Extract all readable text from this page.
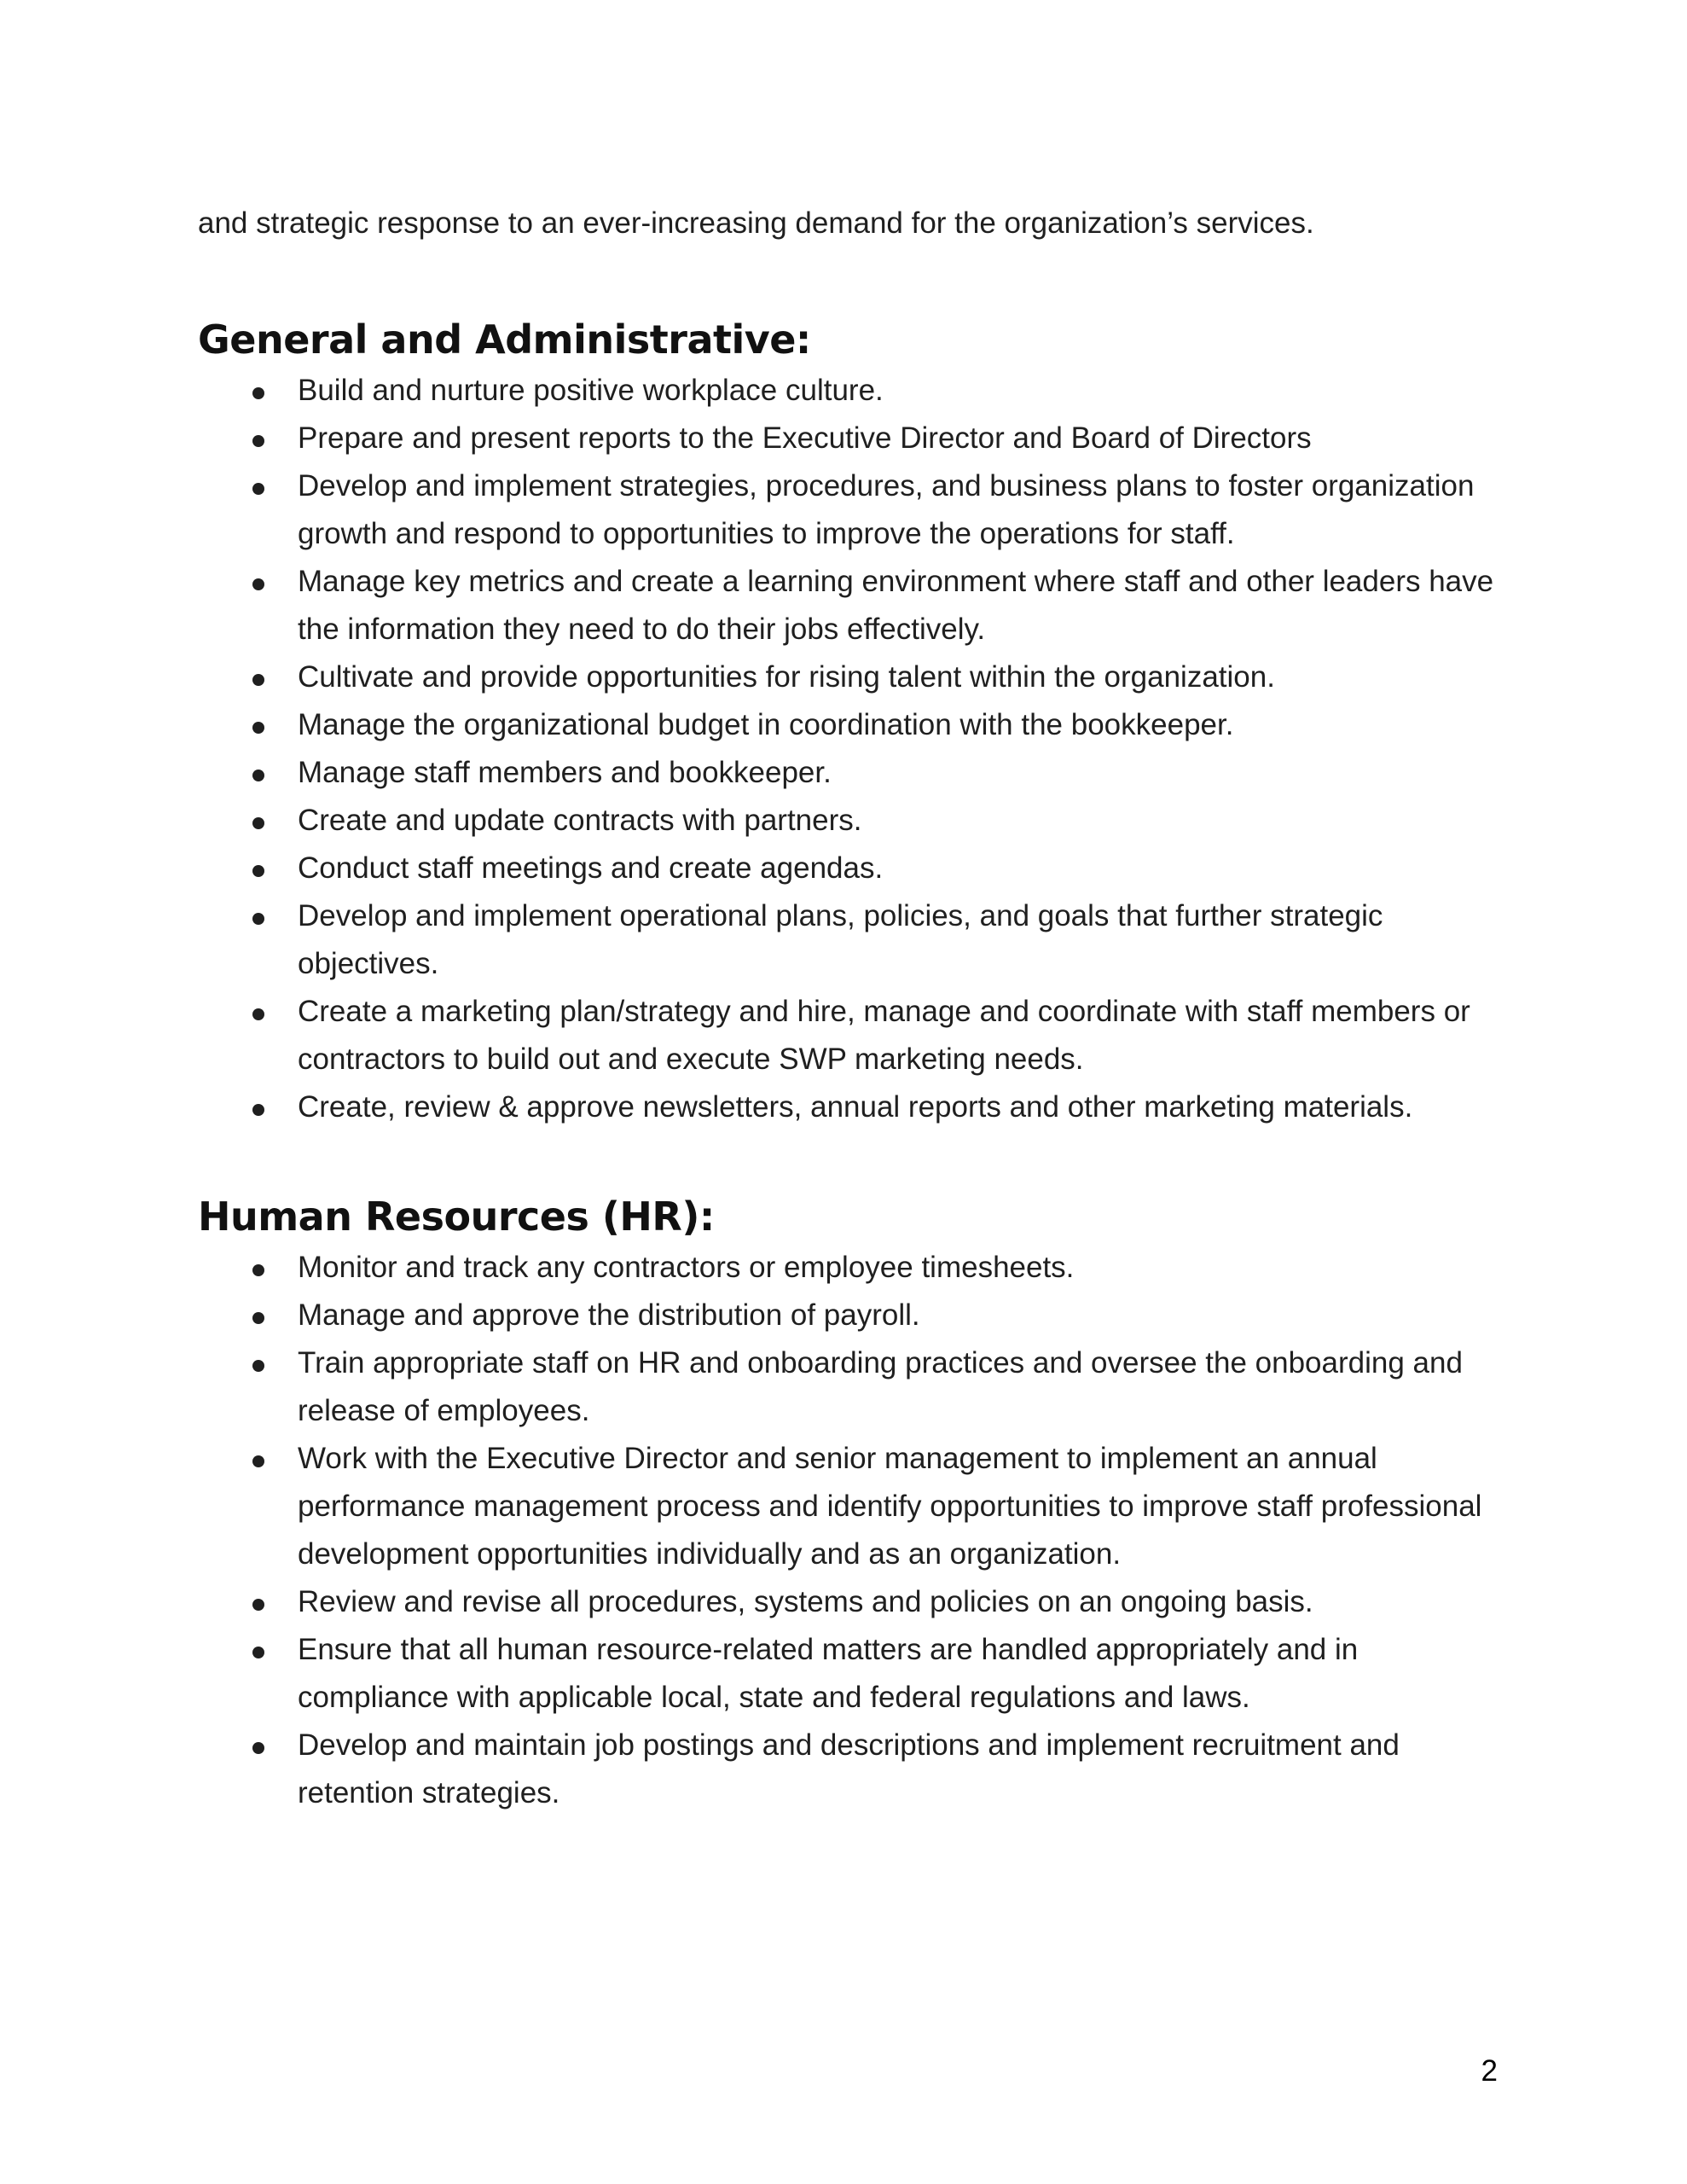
and strategic response to an ever-increasing demand for the organization’s services.

General and Administrative:
Build and nurture positive workplace culture.
Prepare and present reports to the Executive Director and Board of Directors
Develop and implement strategies, procedures, and business plans to foster organization growth and respond to opportunities to improve the operations for staff.
Manage key metrics and create a learning environment where staff and other leaders have the information they need to do their jobs effectively.
Cultivate and provide opportunities for rising talent within the organization.
Manage the organizational budget in coordination with the bookkeeper.
Manage staff members and bookkeeper.
Create and update contracts with partners.
Conduct staff meetings and create agendas.
Develop and implement operational plans, policies, and goals that further strategic objectives.
Create a marketing plan/strategy and hire, manage and coordinate with staff members or contractors to build out and execute SWP marketing needs.
Create, review & approve newsletters, annual reports and other marketing materials.
Human Resources (HR):
Monitor and track any contractors or employee timesheets.
Manage and approve the distribution of payroll.
Train appropriate staff on HR and onboarding practices and oversee the onboarding and release of employees.
Work with the Executive Director and senior management to implement an annual performance management process and identify opportunities to improve staff professional development opportunities individually and as an organization.
Review and revise all procedures, systems and policies on an ongoing basis.
Ensure that all human resource-related matters are handled appropriately and in compliance with applicable local, state and federal regulations and laws.
Develop and maintain job postings and descriptions and implement recruitment and retention strategies.
2
